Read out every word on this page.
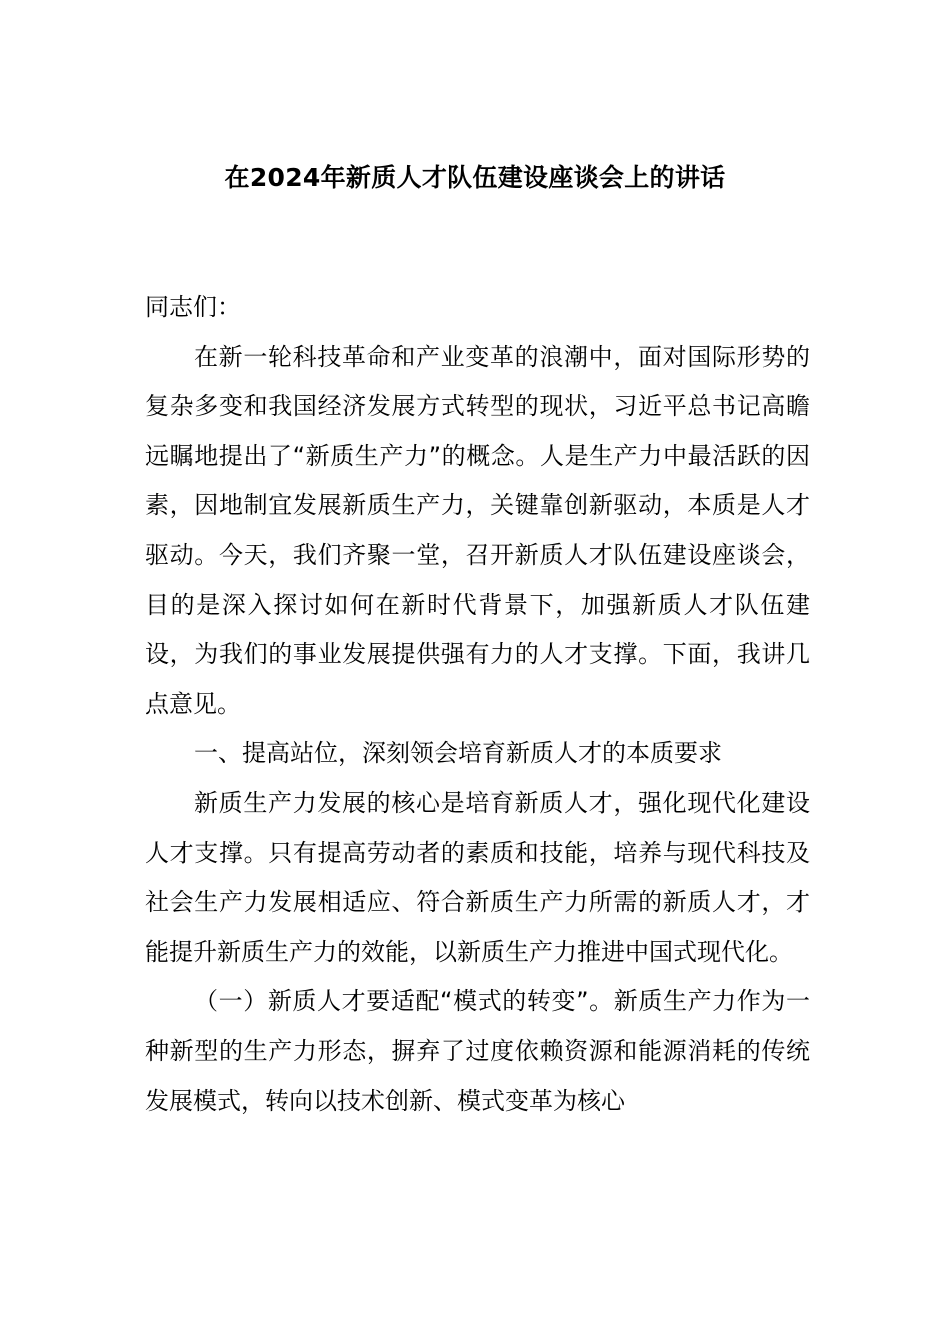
在2024年新质人才队伍建设座谈会上的讲话

同志们：

在新一轮科技革命和产业变革的浪潮中，面对国际形势的复杂多变和我国经济发展方式转型的现状，习近平总书记高瞻远瞩地提出了“新质生产力”的概念。人是生产力中最活跃的因素，因地制宜发展新质生产力，关键靠创新驱动，本质是人才驱动。今天，我们齐聚一堂，召开新质人才队伍建设座谈会，目的是深入探讨如何在新时代背景下，加强新质人才队伍建设，为我们的事业发展提供强有力的人才支撑。下面，我讲几点意见。

一、提高站位，深刻领会培育新质人才的本质要求

新质生产力发展的核心是培育新质人才，强化现代化建设人才支撑。只有提高劳动者的素质和技能，培养与现代科技及社会生产力发展相适应、符合新质生产力所需的新质人才，才能提升新质生产力的效能，以新质生产力推进中国式现代化。

（一）新质人才要适配“模式的转变”。新质生产力作为一种新型的生产力形态，摒弃了过度依赖资源和能源消耗的传统发展模式，转向以技术创新、模式变革为核心
